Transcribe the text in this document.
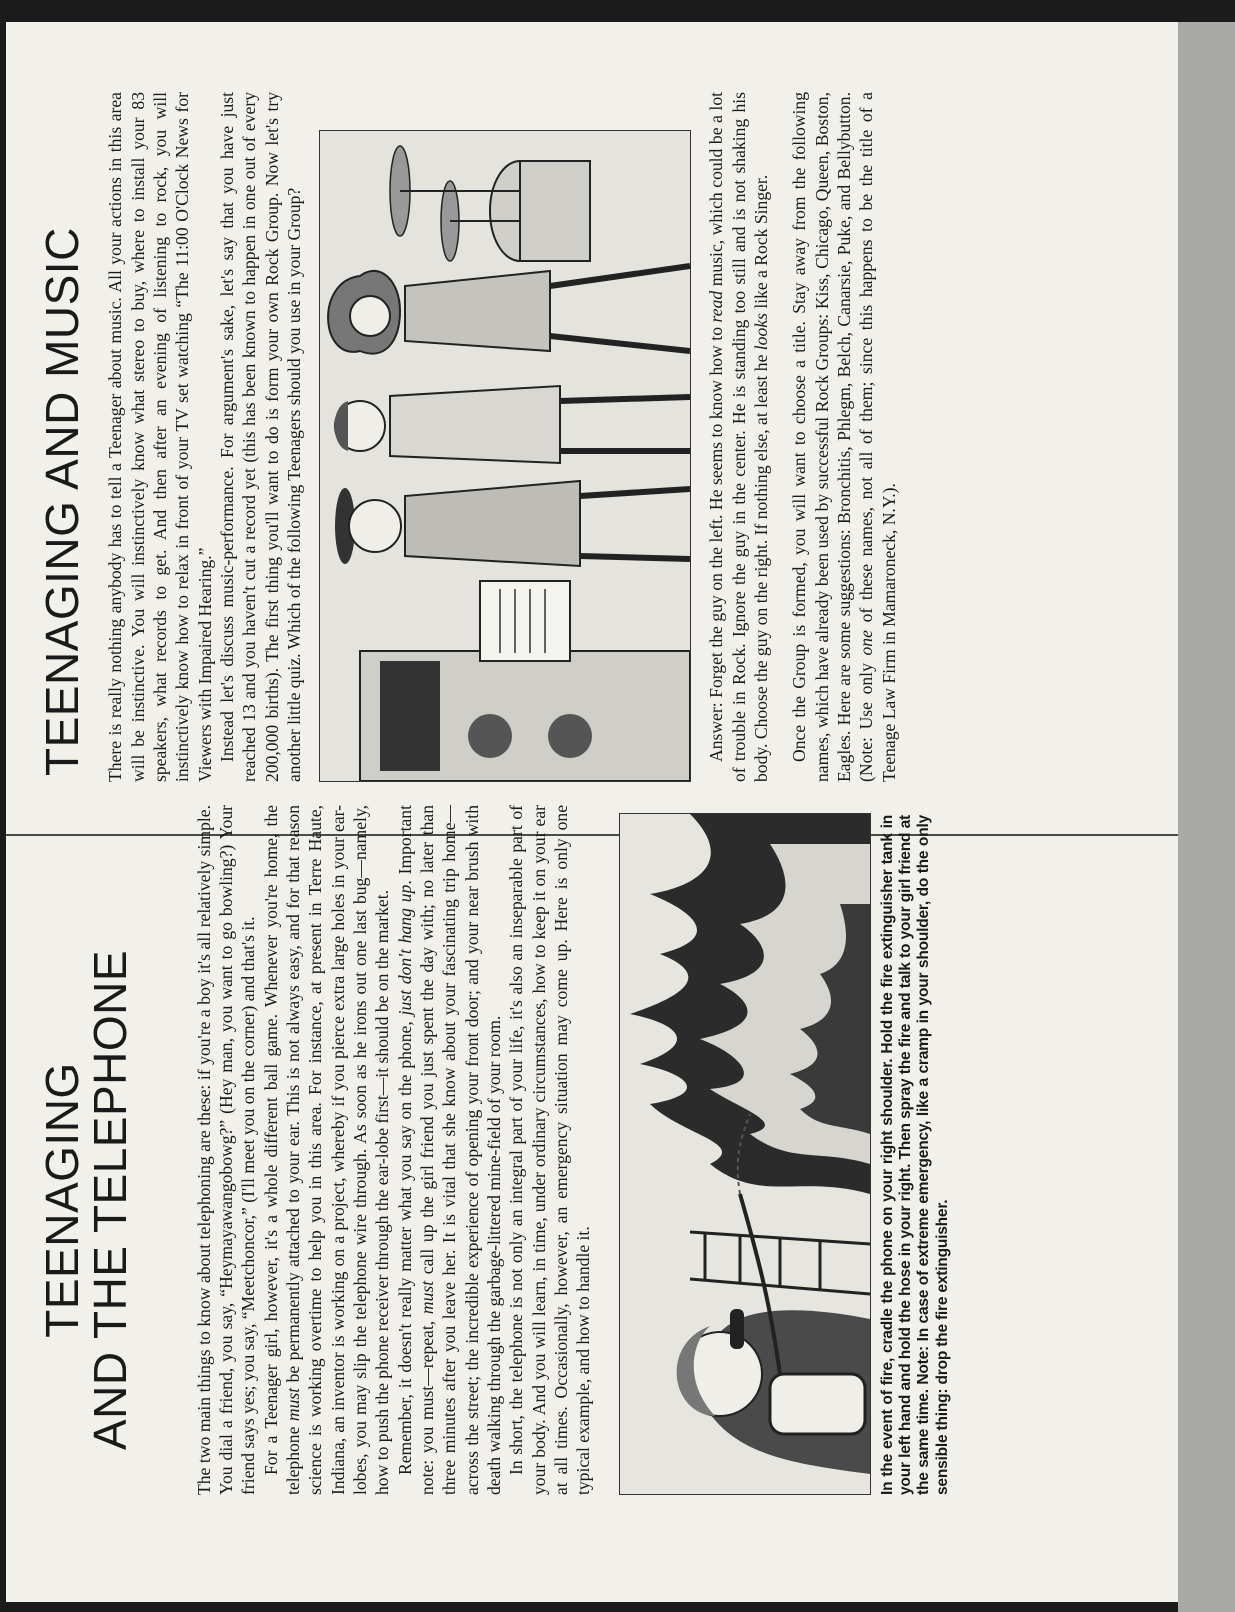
TEENAGING
AND THE TELEPHONE	The two main things to know about telephoning are these: if you're a boy it's all relatively simple. You dial a friend, you say, “Heymayawangobowg?” (Hey man, you want to go bowling?) Your friend says yes; you say, “Meetchoncor,” (I'll meet you on the corner) and that's it. For a Teenager girl, however, it's a whole different ball game. Whenever you're home, the telephone must be permanently attached to your ear. This is not always easy, and for that reason science is working overtime to help you in this area. For instance, at present in Terre Haute, Indiana, an inventor is working on a project, whereby if you pierce extra large holes in your ear-lobes, you may slip the telephone wire through. As soon as he irons out one last bug—namely, how to push the phone receiver through the ear-lobe first—it should be on the market. Remember, it doesn't really matter what you say on the phone, just don't hang up. Important note: you must—repeat, must call up the girl friend you just spent the day with; no later than three minutes after you leave her. It is vital that she know about your fascinating trip home—across the street; the incredible experience of opening your front door; and your near brush with death walking through the garbage-littered mine-field of your room. In short, the telephone is not only an integral part of your life, it's also an inseparable part of your body. And you will learn, in time, under ordinary circumstances, how to keep it on your ear at all times. Occasionally, however, an emergency situation may come up. Here is only one typical example, and how to handle it.	In the event of fire, cradle the phone on your right shoulder. Hold the fire extinguisher tank in your left hand and hold the hose in your right. Then spray the fire and talk to your girl friend at the same time. Note: In case of extreme emergency, like a cramp in your shoulder, do the only sensible thing: drop the fire extinguisher.
TEENAGING AND MUSIC There is really nothing anybody has to tell a Teenager about music. All your actions in this area will be instinctive. You will instinctively know what stereo to buy, where to install your 83 speakers, what records to get. And then after an evening of listening to rock, you will instinctively know how to relax in front of your TV set watching “The 11:00 O'Clock News for Viewers with Impaired Hearing.” Instead let's discuss music-performance. For argument's sake, let's say that you have just reached 13 and you haven't cut a record yet (this has been known to happen in one out of every 200,000 births). The first thing you'll want to do is form your own Rock Group. Now let's try another little quiz. Which of the following Teenagers should you use in your Group?	Answer: Forget the guy on the left. He seems to know how to read music, which could be a lot of trouble in Rock. Ignore the guy in the center. He is standing too still and is not shaking his body. Choose the guy on the right. If nothing else, at least he looks like a Rock Singer. Once the Group is formed, you will want to choose a title. Stay away from the following names, which have already been used by successful Rock Groups: Kiss, Chicago, Queen, Boston, Eagles. Here are some suggestions: Bronchitis, Phlegm, Belch, Canarsie, Puke, and Bellybutton. (Note: Use only one of these names, not all of them; since this happens to be the title of a Teenage Law Firm in Mamaroneck, N.Y.).
